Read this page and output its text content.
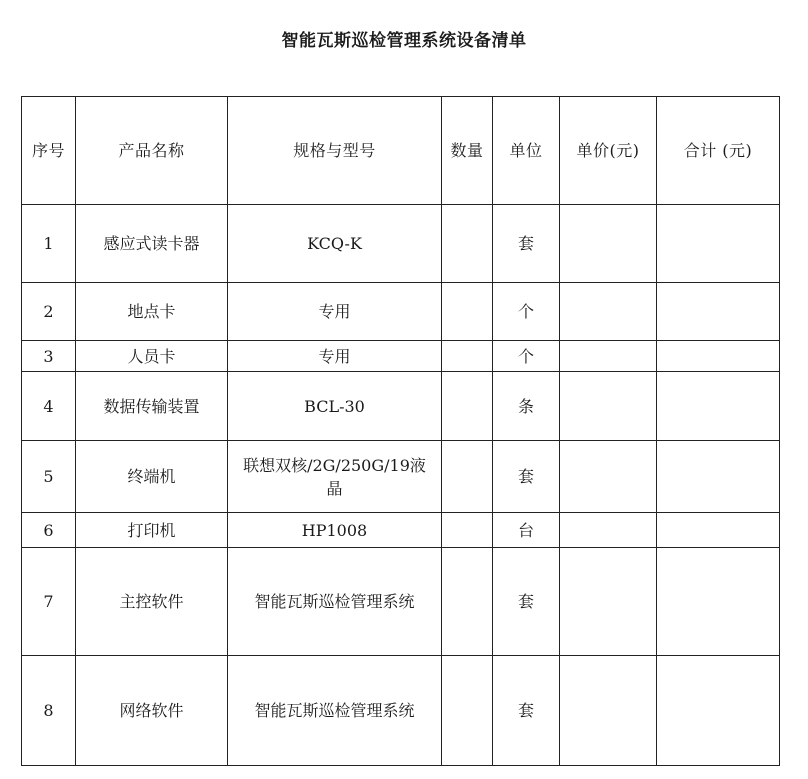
智能瓦斯巡检管理系统设备清单
序号	产品名称	规格与型号	数量	单位	单价(元)	合计 (元)
1	感应式读卡器	KCQ-K		套		
2	地点卡	专用		个		
3	人员卡	专用		个		
4	数据传输装置	BCL-30		条		
5	终端机	联想双核/2G/250G/19液晶		套		
6	打印机	HP1008		台		
7	主控软件	智能瓦斯巡检管理系统		套		
8	网络软件	智能瓦斯巡检管理系统		套		
